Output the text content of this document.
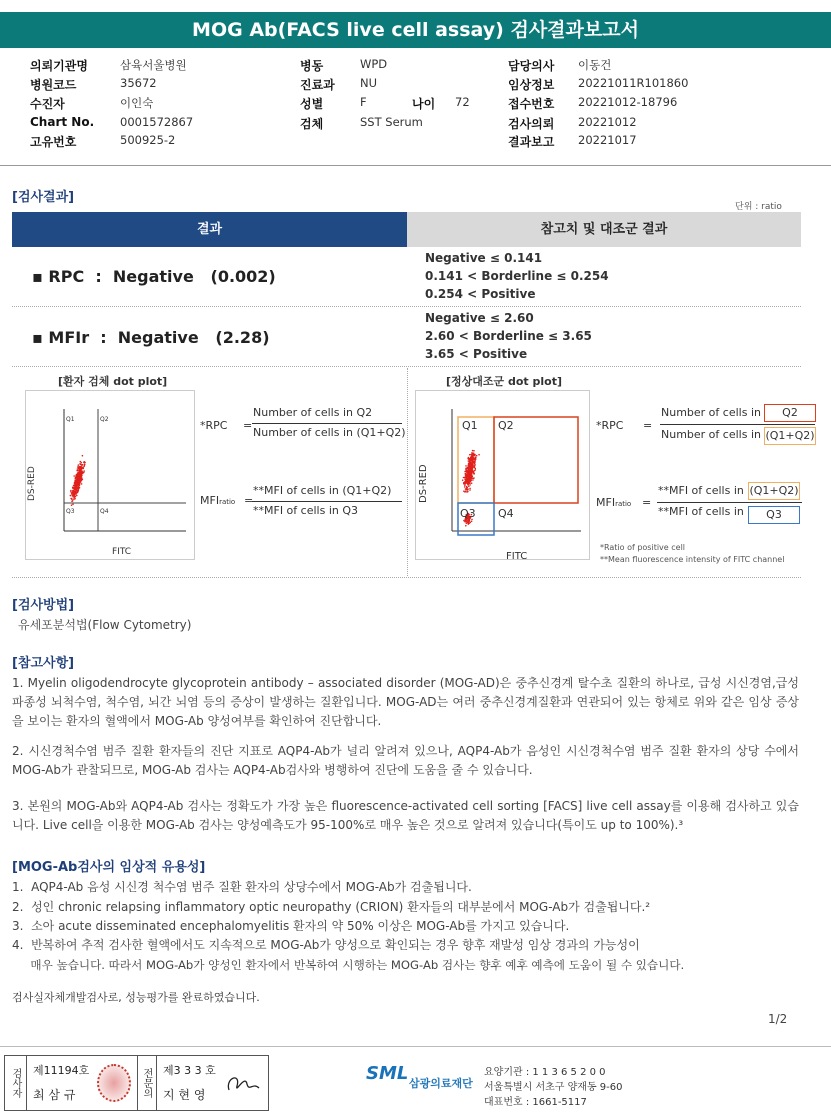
MOG Ab(FACS live cell assay) 검사결과보고서
의뢰기관명	삼육서울병원
병원코드	35672
수진자	이인숙
Chart No. 0001572867
고유번호	500925-2
병동	WPD
진료과 NU
성별	F	나이 72
검체	SST Serum
담당의사 이동건
임상정보 20221011R101860
접수번호 20221012-18796
검사의뢰 20221012
결과보고 20221017
[검사결과]
단위 : ratio
결과	참고치 및 대조군 결과
▪ RPC  :  Negative   (0.002)
Negative ≤ 0.141
0.141 < Borderline ≤ 0.254
0.254 < Positive
▪ MFIr  :  Negative   (2.28)
Negative ≤ 2.60
2.60 < Borderline ≤ 3.65
3.65 < Positive
[환자 검체 dot plot]	[정상대조군 dot plot]
DS-RED
FITC
Q1	Q2
Q3	Q4
*RPC =
Number of cells in Q2
Number of cells in (Q1+Q2)
MFIratio =
**MFI of cells in (Q1+Q2)
**MFI of cells in Q3
DS-RED
FITC
Q1 Q2
Q3 Q4
*RPC =
Number of cells in	Q2
Number of cells in (Q1+Q2)
MFIratio =
**MFI of cells in (Q1+Q2)
**MFI of cells in	Q3
*Ratio of positive cell
**Mean fluorescence intensity of FITC channel
[검사방법]
유세포분석법(Flow Cytometry)
[참고사항]
1. Myelin oligodendrocyte glycoprotein antibody – associated disorder (MOG-AD)은 중추신경계 탈수초 질환의 하나로, 급성 시신경염,급성파종성 뇌척수염, 척수염, 뇌간 뇌염 등의 증상이 발생하는 질환입니다. MOG-AD는 여러 중추신경계질환과 연관되어 있는 항체로 위와 같은 임상 증상을 보이는 환자의 혈액에서 MOG-Ab 양성여부를 확인하여 진단합니다.
2. 시신경척수염 범주 질환 환자들의 진단 지표로 AQP4-Ab가 널리 알려져 있으나, AQP4-Ab가 음성인 시신경척수염 범주 질환 환자의 상당 수에서 MOG-Ab가 관찰되므로, MOG-Ab 검사는 AQP4-Ab검사와 병행하여 진단에 도움을 줄 수 있습니다.
3. 본원의 MOG-Ab와 AQP4-Ab 검사는 정확도가 가장 높은 fluorescence-activated cell sorting [FACS] live cell assay를 이용해 검사하고 있습니다. Live cell을 이용한 MOG-Ab 검사는 양성예측도가 95-100%로 매우 높은 것으로 알려져 있습니다(특이도 up to 100%).³
[MOG-Ab검사의 임상적 유용성]
1.  AQP4-Ab 음성 시신경 척수염 범주 질환 환자의 상당수에서 MOG-Ab가 검출됩니다.
2.  성인 chronic relapsing inflammatory optic neuropathy (CRION) 환자들의 대부분에서 MOG-Ab가 검출됩니다.²
3.  소아 acute disseminated encephalomyelitis 환자의 약 50% 이상은 MOG-Ab를 가지고 있습니다.
4.  반복하여 추적 검사한 혈액에서도 지속적으로 MOG-Ab가 양성으로 확인되는 경우 향후 재발성 임상 경과의 가능성이
매우 높습니다. 따라서 MOG-Ab가 양성인 환자에서 반복하여 시행하는 MOG-Ab 검사는 향후 예후 예측에 도움이 될 수 있습니다.
검사실자체개발검사로, 성능평가를 완료하였습니다.
1/2
검사자	제11194호
최 삼 규	전문의	제3 3 3 호
지 현 영
SML 삼광의료재단
요양기관 : 1 1 3 6 5 2 0 0
서울특별시 서초구 양재동 9-60
대표번호 : 1661-5117
